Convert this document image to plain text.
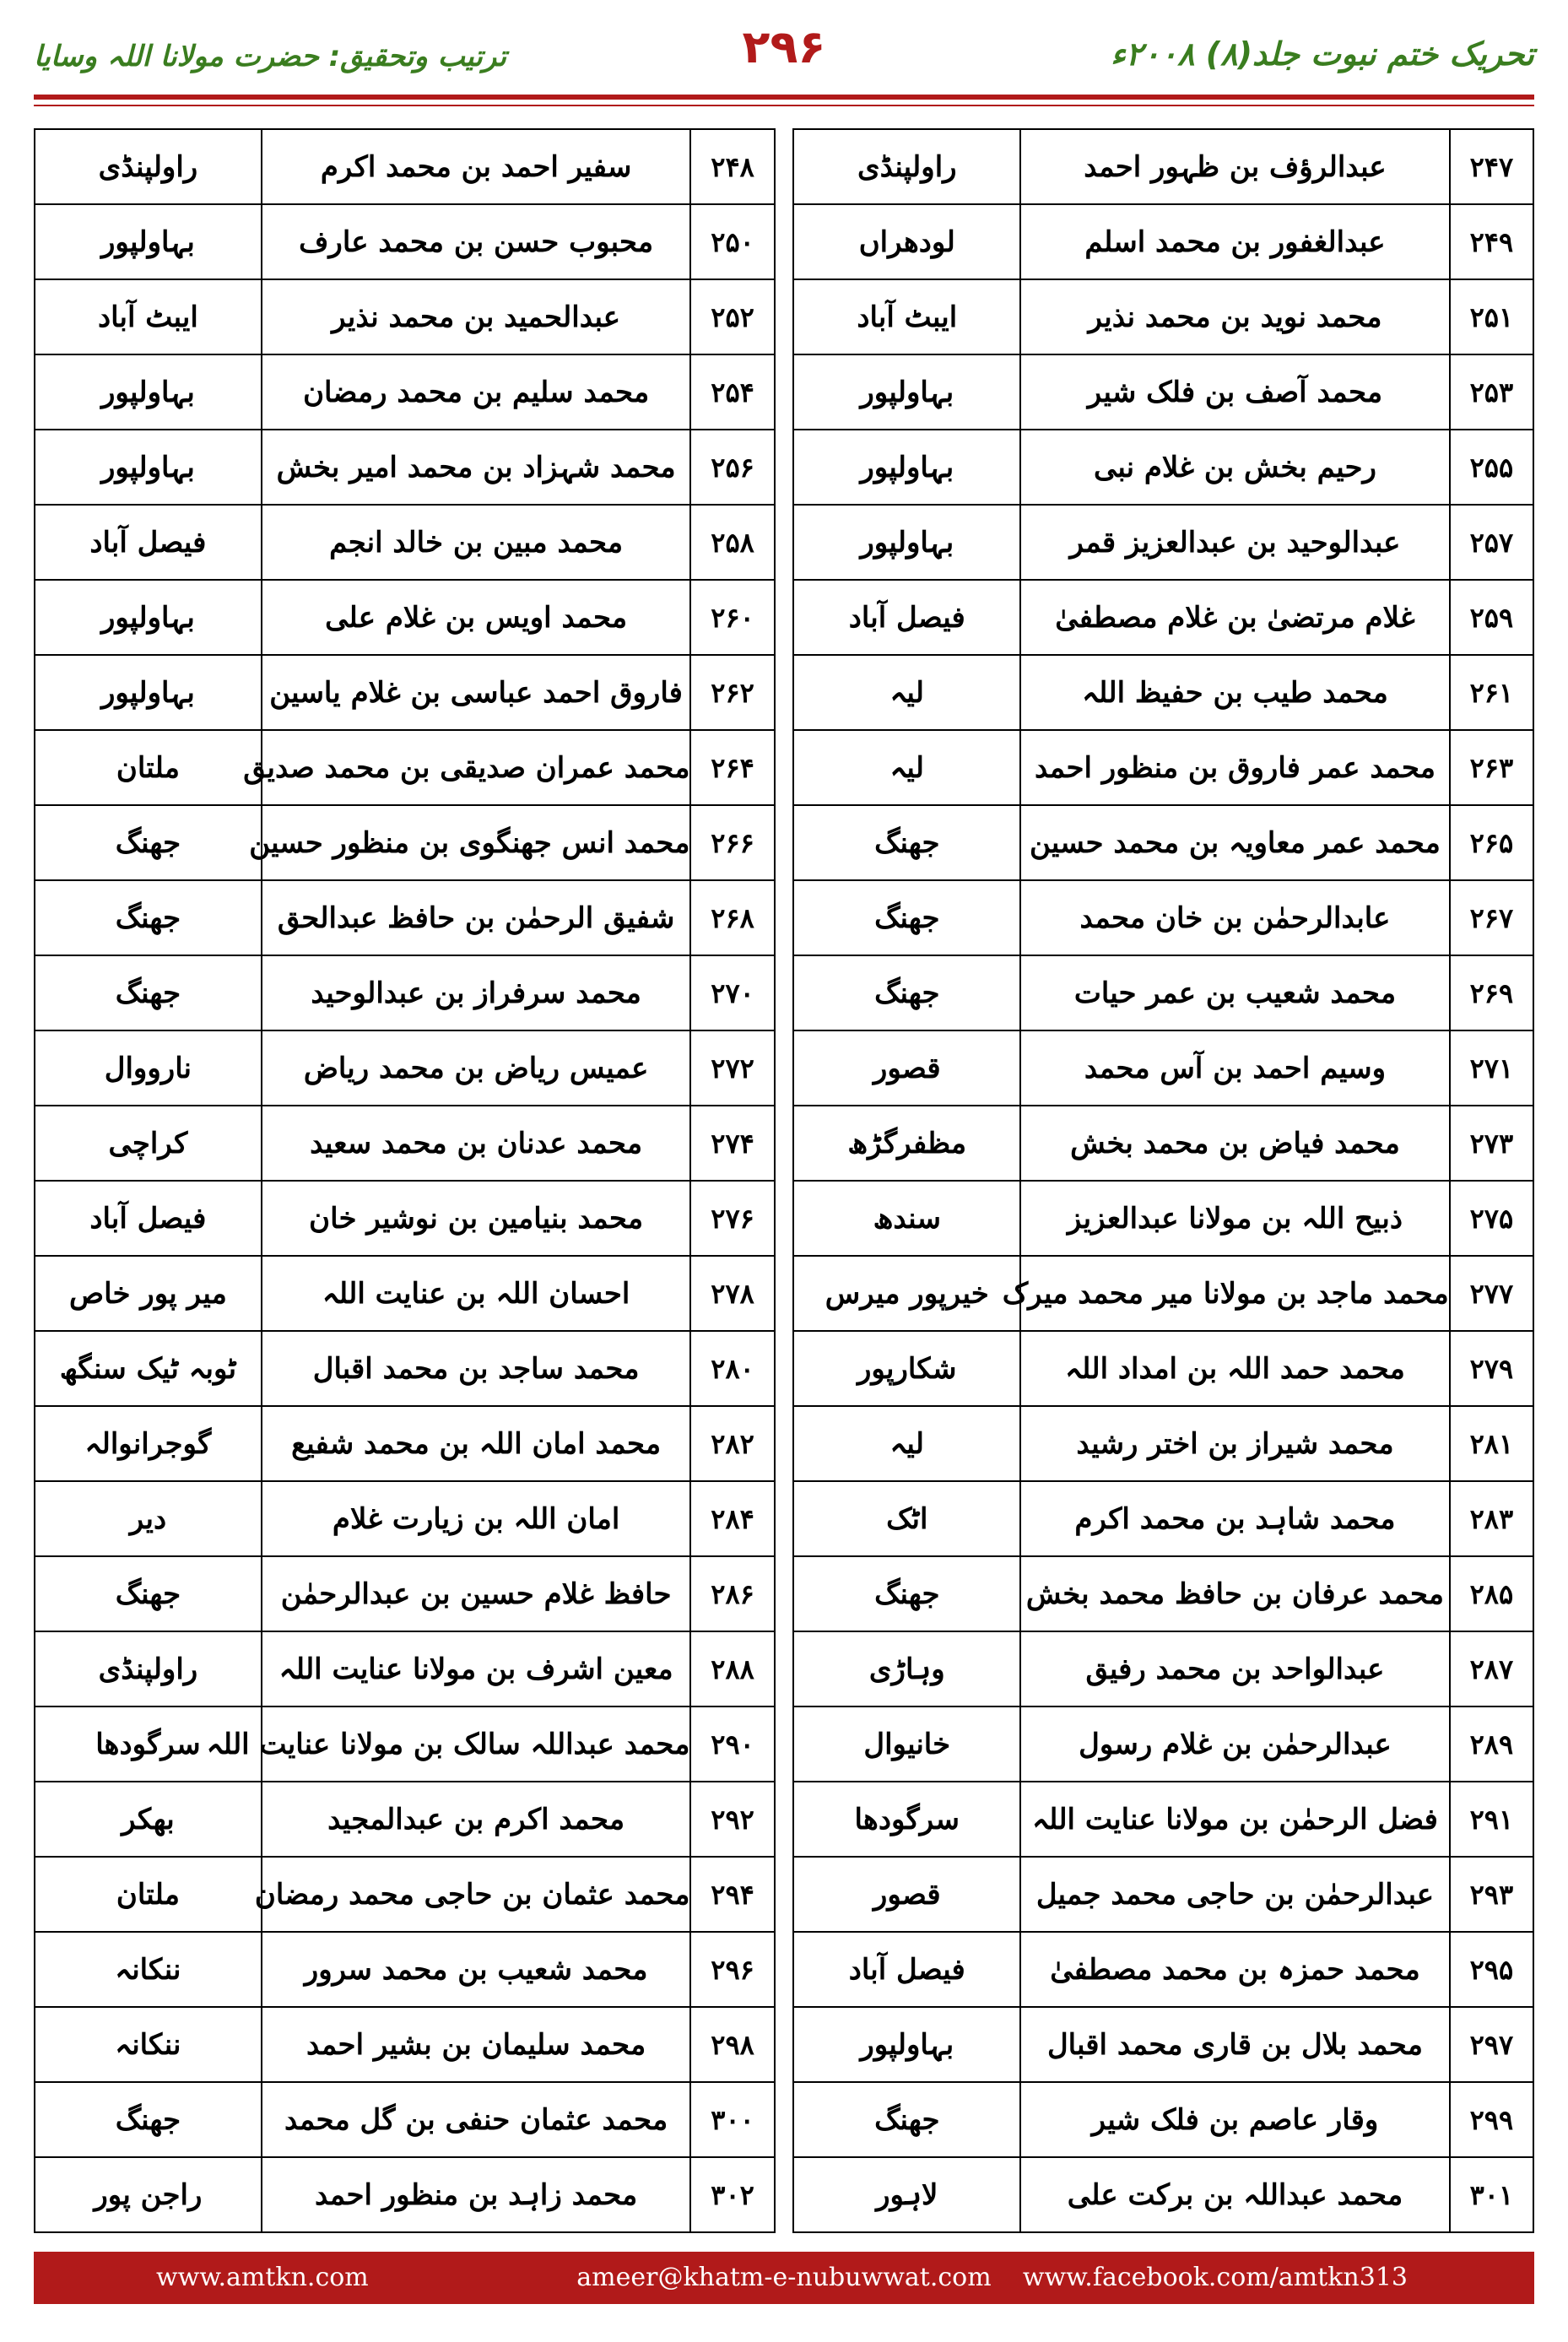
تحریک ختم نبوت جلد(۸) ۲۰۰۸ء
۲۹۶
ترتیب وتحقیق: حضرت مولانا اللہ وسایا
۲۴۷	عبدالرؤف بن ظہور احمد	راولپنڈی		۲۴۸	سفیر احمد بن محمد اکرم	راولپنڈی
۲۴۹	عبدالغفور بن محمد اسلم	لودھراں		۲۵۰	محبوب حسن بن محمد عارف	بہاولپور
۲۵۱	محمد نوید بن محمد نذیر	ایبٹ آباد		۲۵۲	عبدالحمید بن محمد نذیر	ایبٹ آباد
۲۵۳	محمد آصف بن فلک شیر	بہاولپور		۲۵۴	محمد سلیم بن محمد رمضان	بہاولپور
۲۵۵	رحیم بخش بن غلام نبی	بہاولپور		۲۵۶	محمد شہزاد بن محمد امیر بخش	بہاولپور
۲۵۷	عبدالوحید بن عبدالعزیز قمر	بہاولپور		۲۵۸	محمد مبین بن خالد انجم	فیصل آباد
۲۵۹	غلام مرتضیٰ بن غلام مصطفیٰ	فیصل آباد		۲۶۰	محمد اویس بن غلام علی	بہاولپور
۲۶۱	محمد طیب بن حفیظ اللہ	لیہ		۲۶۲	فاروق احمد عباسی بن غلام یاسین	بہاولپور
۲۶۳	محمد عمر فاروق بن منظور احمد	لیہ		۲۶۴	محمد عمران صدیقی بن محمد صدیق	ملتان
۲۶۵	محمد عمر معاویہ بن محمد حسین	جھنگ		۲۶۶	محمد انس جھنگوی بن منظور حسین	جھنگ
۲۶۷	عابدالرحمٰن بن خان محمد	جھنگ		۲۶۸	شفیق الرحمٰن بن حافظ عبدالحق	جھنگ
۲۶۹	محمد شعیب بن عمر حیات	جھنگ		۲۷۰	محمد سرفراز بن عبدالوحید	جھنگ
۲۷۱	وسیم احمد بن آس محمد	قصور		۲۷۲	عمیس ریاض بن محمد ریاض	نارووال
۲۷۳	محمد فیاض بن محمد بخش	مظفرگڑھ		۲۷۴	محمد عدنان بن محمد سعید	کراچی
۲۷۵	ذبیح اللہ بن مولانا عبدالعزیز	سندھ		۲۷۶	محمد بنیامین بن نوشیر خان	فیصل آباد
۲۷۷	محمد ماجد بن مولانا میر محمد میرک	خیرپور میرس		۲۷۸	احسان اللہ بن عنایت اللہ	میر پور خاص
۲۷۹	محمد حمد اللہ بن امداد اللہ	شکارپور		۲۸۰	محمد ساجد بن محمد اقبال	ٹوبہ ٹیک سنگھ
۲۸۱	محمد شیراز بن اختر رشید	لیہ		۲۸۲	محمد امان اللہ بن محمد شفیع	گوجرانوالہ
۲۸۳	محمد شاہد بن محمد اکرم	اٹک		۲۸۴	امان اللہ بن زیارت غلام	دیر
۲۸۵	محمد عرفان بن حافظ محمد بخش	جھنگ		۲۸۶	حافظ غلام حسین بن عبدالرحمٰن	جھنگ
۲۸۷	عبدالواحد بن محمد رفیق	وہاڑی		۲۸۸	معین اشرف بن مولانا عنایت اللہ	راولپنڈی
۲۸۹	عبدالرحمٰن بن غلام رسول	خانیوال		۲۹۰	محمد عبداللہ سالک بن مولانا عنایت اللہ	سرگودھا
۲۹۱	فضل الرحمٰن بن مولانا عنایت اللہ	سرگودھا		۲۹۲	محمد اکرم بن عبدالمجید	بھکر
۲۹۳	عبدالرحمٰن بن حاجی محمد جمیل	قصور		۲۹۴	محمد عثمان بن حاجی محمد رمضان	ملتان
۲۹۵	محمد حمزہ بن محمد مصطفیٰ	فیصل آباد		۲۹۶	محمد شعیب بن محمد سرور	ننکانہ
۲۹۷	محمد بلال بن قاری محمد اقبال	بہاولپور		۲۹۸	محمد سلیمان بن بشیر احمد	ننکانہ
۲۹۹	وقار عاصم بن فلک شیر	جھنگ		۳۰۰	محمد عثمان حنفی بن گل محمد	جھنگ
۳۰۱	محمد عبداللہ بن برکت علی	لاہور		۳۰۲	محمد زاہد بن منظور احمد	راجن پور
www.amtkn.com	ameer@khatm-e-nubuwwat.com	www.facebook.com/amtkn313
